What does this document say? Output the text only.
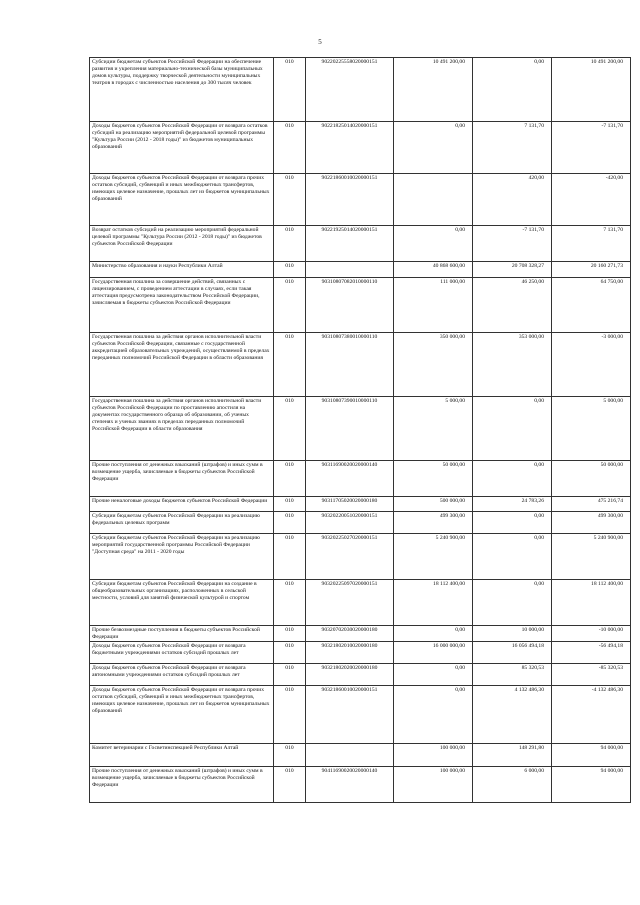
5
Субсидии бюджетам субъектов Российской Федерации на обеспечение развития и укрепления материально-технической базы муниципальных домов культуры, поддержку творческой деятельности муниципальных театров в городах с численностью населения до 300 тысяч человек	010	90220225558020000151	10 491 200,00	0,00	10 491 200,00
Доходы бюджетов субъектов Российской Федерации от возврата остатков субсидий на реализацию мероприятий федеральной целевой программы "Культура России (2012 - 2018 годы)" из бюджетов муниципальных образований	010	90221825014020000151	0,00	7 131,70	-7 131,70
Доходы бюджетов субъектов Российской Федерации от возврата прочих остатков субсидий, субвенций и иных межбюджетных трансфертов, имеющих целевое назначение, прошлых лет из бюджетов муниципальных образований	010	90221860010020000151		420,00	-420,00
Возврат остатков субсидий на реализацию мероприятий федеральной целевой программы "Культура России (2012 - 2018 годы)" из бюджетов субъектов Российской Федерации	010	90221925014020000151	0,00	-7 131,70	7 131,70
Министерство образования и науки Республики Алтай	010		40 868 600,00	20 708 328,27	20 160 271,73
Государственная пошлина за совершение действий, связанных с лицензированием, с проведением аттестации в случаях, если такая аттестация предусмотрена законодательством Российской Федерации, зачисляемая в бюджеты субъектов Российской Федерации	010	90310807082010000110	111 000,00	46 250,00	64 750,00
Государственная пошлина за действия органов исполнительной власти субъектов Российской Федерации, связанные с государственной аккредитацией образовательных учреждений, осуществляемой в пределах переданных полномочий Российской Федерации в области образования	010	90310807380010000110	350 000,00	353 000,00	-3 000,00
Государственная пошлина за действия органов исполнительной власти субъектов Российской Федерации по проставлению апостиля на документах государственного образца об образовании, об ученых степенях и ученых званиях в пределах переданных полномочий Российской Федерации в области образования	010	90310807390010000110	5 000,00	0,00	5 000,00
Прочие поступления от денежных взысканий (штрафов) и иных сумм в возмещение ущерба, зачисляемые в бюджеты субъектов Российской Федерации	010	90311690020020000140	50 000,00	0,00	50 000,00
Прочие неналоговые доходы бюджетов субъектов Российской Федерации	010	90311705020020000180	500 000,00	24 783,26	475 216,74
Субсидии бюджетам субъектов Российской Федерации на реализацию федеральных целевых программ	010	90320220051020000151	499 300,00	0,00	499 300,00
Субсидии бюджетам субъектов Российской Федерации на реализацию мероприятий государственной программы Российской Федерации "Доступная среда" на 2011 - 2020 годы	010	90320225027020000151	5 240 900,00	0,00	5 240 900,00
Субсидии бюджетам субъектов Российской Федерации на создание в общеобразовательных организациях, расположенных в сельской местности, условий для занятий физической культурой и спортом	010	90320225097020000151	18 112 400,00	0,00	18 112 400,00
Прочие безвозмездные поступления в бюджеты субъектов Российской Федерации	010	90320702030020000180	0,00	10 000,00	-10 000,00
Доходы бюджетов субъектов Российской Федерации от возврата бюджетными учреждениями остатков субсидий прошлых лет	010	90321802010020000180	16 000 000,00	16 056 494,18	-56 494,18
Доходы бюджетов субъектов Российской Федерации от возврата автономными учреждениями остатков субсидий прошлых лет	010	90321802020020000180	0,00	85 320,53	-85 320,53
Доходы бюджетов субъектов Российской Федерации от возврата прочих остатков субсидий, субвенций и иных межбюджетных трансфертов, имеющих целевое назначение, прошлых лет из бюджетов муниципальных образований	010	90321860010020000151	0,00	4 132 486,30	-4 132 486,30
Комитет ветеринарии с Госветинспекцией Республики Алтай	010		100 000,00	148 291,80	94 000,00
Прочие поступления от денежных взысканий (штрафов) и иных сумм в возмещение ущерба, зачисляемые в бюджеты субъектов Российской Федерации	010	90411690020020000140	100 000,00	6 000,00	94 000,00
